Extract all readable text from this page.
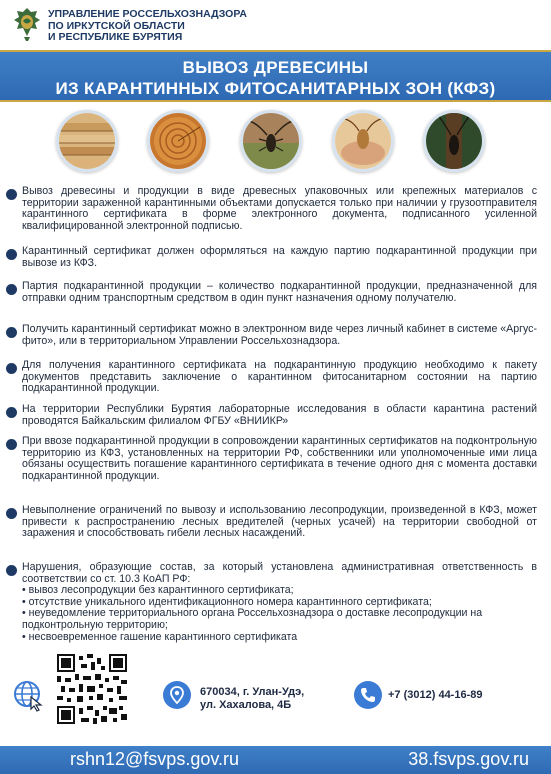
УПРАВЛЕНИЕ РОССЕЛЬХОЗНАДЗОРА
ПО ИРКУТСКОЙ ОБЛАСТИ
И РЕСПУБЛИКЕ БУРЯТИЯ
ВЫВОЗ ДРЕВЕСИНЫ
ИЗ КАРАНТИННЫХ ФИТОСАНИТАРНЫХ ЗОН (КФЗ)
Вывоз древесины и продукции в виде древесных упаковочных или крепежных материалов с территории зараженной карантинными объектами допускается только при наличии у грузоотправителя карантинного сертификата в форме электронного документа, подписанного усиленной квалифицированной электронной подписью.
Карантинный сертификат должен оформляться на каждую партию подкарантинной продукции при вывозе из КФЗ.
Партия подкарантинной продукции – количество подкарантинной продукции, предназначенной для отправки одним транспортным средством в один пункт назначения одному получателю.
Получить карантинный сертификат можно в электронном виде через личный кабинет в системе «Аргус-фито», или в территориальном Управлении Россельхознадзора.
Для получения карантинного сертификата на подкарантинную продукцию необходимо к пакету документов представить заключение о карантинном фитосанитарном состоянии на партию подкарантинной продукции.
На территории Республики Бурятия лабораторные исследования в области карантина растений проводятся Байкальским филиалом ФГБУ «ВНИИКР»
При ввозе подкарантинной продукции в сопровождении карантинных сертификатов на подконтрольную территорию из КФЗ, установленных на территории РФ, собственники или уполномоченные ими лица обязаны осуществить погашение карантинного сертификата в течение одного дня с момента доставки подкарантинной продукции.
Невыполнение ограничений по вывозу и использованию лесопродукции, произведенной в КФЗ, может привести к распространению лесных вредителей (черных усачей) на территории свободной от заражения и способствовать гибели лесных насаждений.
Нарушения, образующие состав, за который установлена административная ответственность в соответствии со ст. 10.3 КоАП РФ:
• вывоз лесопродукции без карантинного сертификата;
• отсутствие уникального идентификационного номера карантинного сертификата;
• неуведомление территориального органа Россельхознадзора о доставке лесопродукции на подконтрольную территорию;
• несвоевременное гашение карантинного сертификата
670034, г. Улан-Удэ,
ул. Хахалова, 4Б
+7 (3012) 44-16-89
rshn12@fsvps.gov.ru	38.fsvps.gov.ru
